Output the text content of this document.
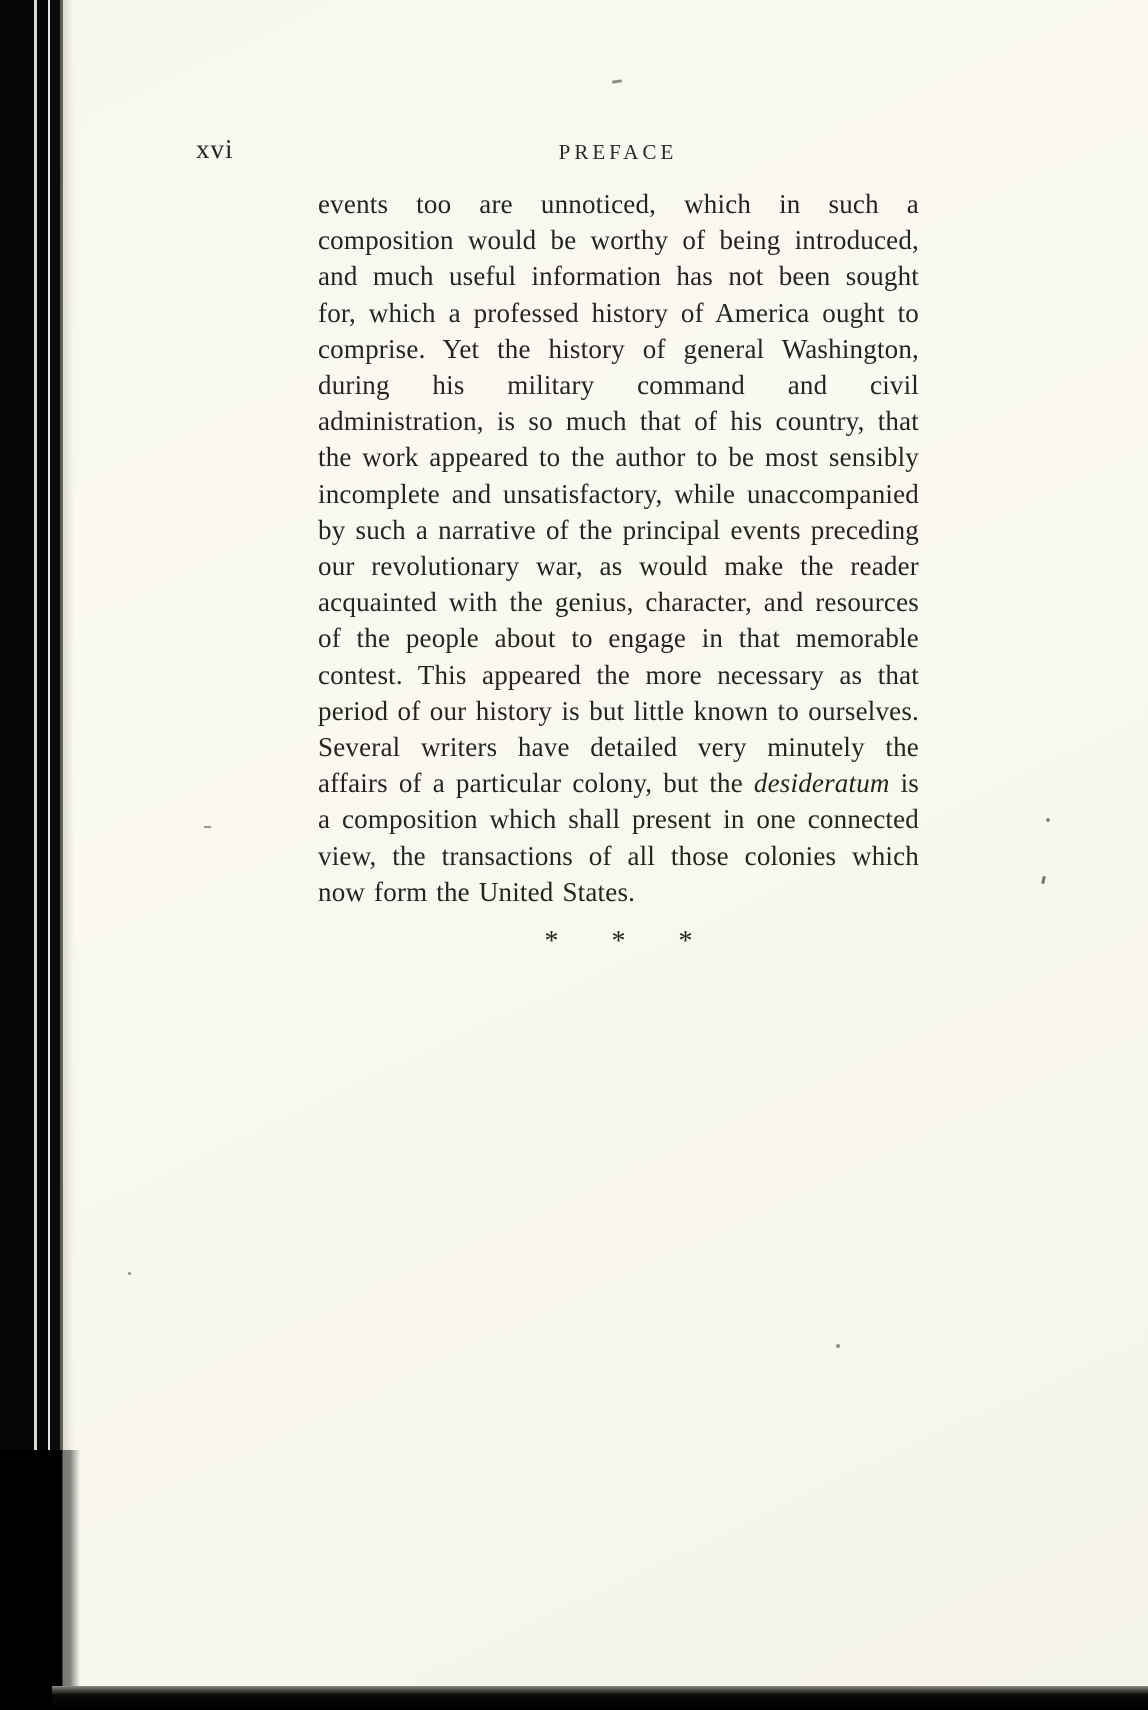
xvi	PREFACE

events too are unnoticed, which in such a composition would be worthy of being introduced, and much useful information has not been sought for, which a professed history of America ought to comprise. Yet the history of general Washington, during his military command and civil administration, is so much that of his country, that the work appeared to the author to be most sensibly incomplete and unsatisfactory, while unaccompanied by such a narrative of the principal events preceding our revolutionary war, as would make the reader acquainted with the genius, character, and resources of the people about to engage in that memorable contest. This appeared the more necessary as that period of our history is but little known to ourselves. Several writers have detailed very minutely the affairs of a particular colony, but the desideratum is a composition which shall present in one connected view, the transactions of all those colonies which now form the United States.

* * *
